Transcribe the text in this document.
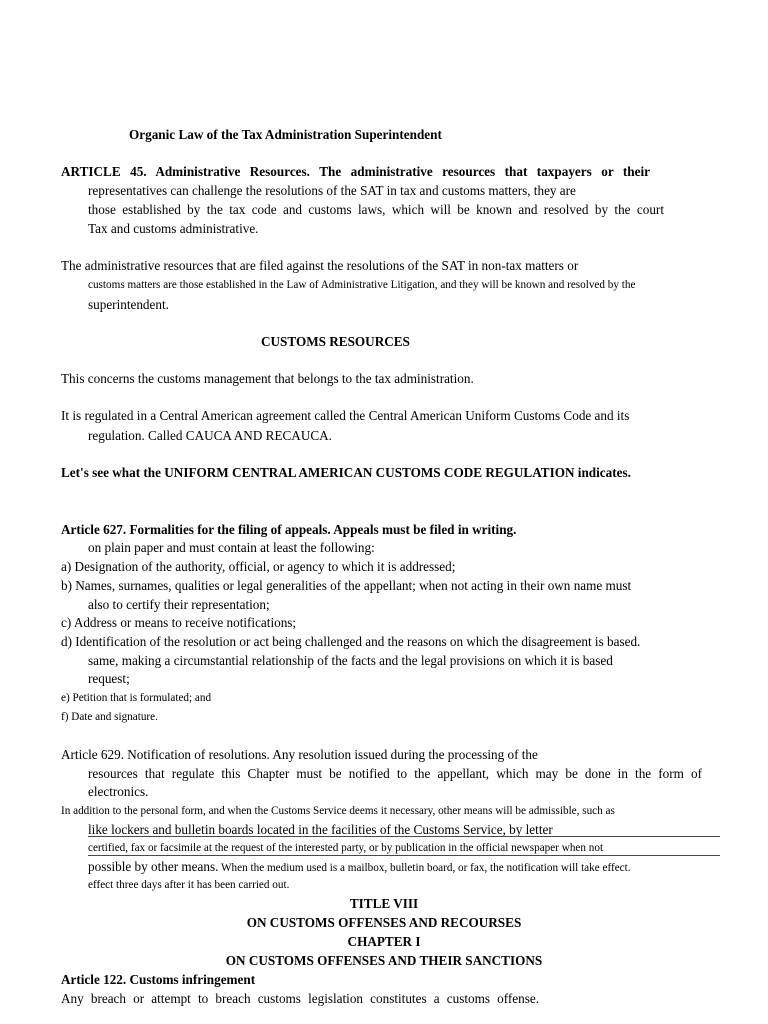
Organic Law of the Tax Administration Superintendent
ARTICLE 45. Administrative Resources. The administrative resources that taxpayers or their
representatives can challenge the resolutions of the SAT in tax and customs matters, they are
those established by the tax code and customs laws, which will be known and resolved by the court
Tax and customs administrative.
The administrative resources that are filed against the resolutions of the SAT in non-tax matters or
customs matters are those established in the Law of Administrative Litigation, and they will be known and resolved by the
superintendent.
CUSTOMS RESOURCES
This concerns the customs management that belongs to the tax administration.
It is regulated in a Central American agreement called the Central American Uniform Customs Code and its
regulation. Called CAUCA AND RECAUCA.
Let's see what the UNIFORM CENTRAL AMERICAN CUSTOMS CODE REGULATION indicates.
Article 627. Formalities for the filing of appeals. Appeals must be filed in writing.
on plain paper and must contain at least the following:
a) Designation of the authority, official, or agency to which it is addressed;
b) Names, surnames, qualities or legal generalities of the appellant; when not acting in their own name must
also to certify their representation;
c) Address or means to receive notifications;
d) Identification of the resolution or act being challenged and the reasons on which the disagreement is based.
same, making a circumstantial relationship of the facts and the legal provisions on which it is based
request;
e) Petition that is formulated; and
f) Date and signature.
Article 629. Notification of resolutions. Any resolution issued during the processing of the
resources that regulate this Chapter must be notified to the appellant, which may be done in the form of
electronics.
In addition to the personal form, and when the Customs Service deems it necessary, other means will be admissible, such as
like lockers and bulletin boards located in the facilities of the Customs Service, by letter
certified, fax or facsimile at the request of the interested party, or by publication in the official newspaper when not
possible by other means. When the medium used is a mailbox, bulletin board, or fax, the notification will take effect.
effect three days after it has been carried out.
TITLE VIII
ON CUSTOMS OFFENSES AND RECOURSES
CHAPTER I
ON CUSTOMS OFFENSES AND THEIR SANCTIONS
Article 122. Customs infringement
Any breach or attempt to breach customs legislation constitutes a customs offense.
